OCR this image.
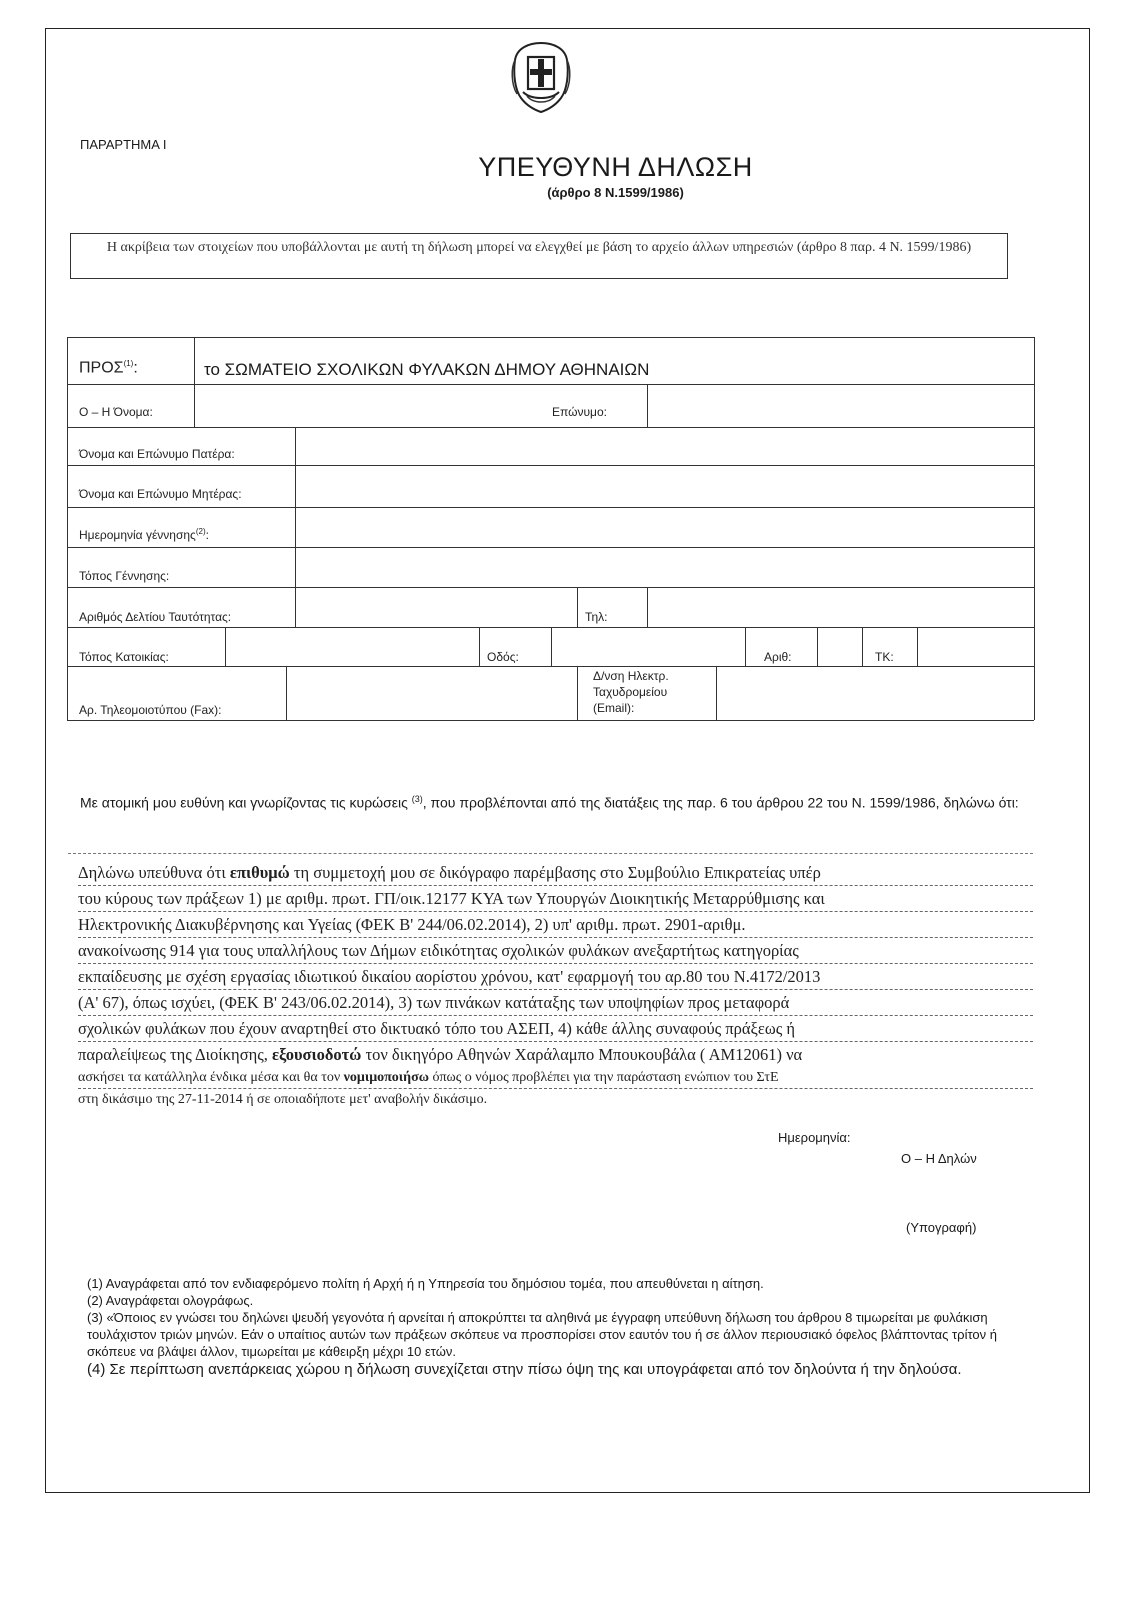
ΠΑΡΑΡΤΗΜΑ Ι
ΥΠΕΥΘΥΝΗ ΔΗΛΩΣΗ
(άρθρο 8 Ν.1599/1986)
Η ακρίβεια των στοιχείων που υποβάλλονται με αυτή τη δήλωση μπορεί να ελεγχθεί με βάση το αρχείο άλλων υπηρεσιών (άρθρο 8 παρ. 4 Ν. 1599/1986)
ΠΡΟΣ$^{(1)}$:	το ΣΩΜΑΤΕΙΟ ΣΧΟΛΙΚΩΝ ΦΥΛΑΚΩΝ ΔΗΜΟΥ ΑΘΗΝΑΙΩΝ
Ο – Η Όνομα:	Επώνυμο:
Όνομα και Επώνυμο Πατέρα:
Όνομα και Επώνυμο Μητέρας:
Ημερομηνία γέννησης$^{(2)}$:
Τόπος Γέννησης:
Αριθμός Δελτίου Ταυτότητας:	Τηλ:
Τόπος Κατοικίας:	Οδός:	Αριθ:	ΤΚ:
Αρ. Τηλεομοιοτύπου (Fax):
Δ/νση Ηλεκτρ.
Ταχυδρομείου
(Email):
Με ατομική μου ευθύνη και γνωρίζοντας τις κυρώσεις $^{(3)}$, που προβλέπονται από της διατάξεις της παρ. 6 του άρθρου 22 του Ν. 1599/1986, δηλώνω ότι:
Δηλώνω υπεύθυνα ότι επιθυμώ τη συμμετοχή μου σε δικόγραφο παρέμβασης στο Συμβούλιο Επικρατείας υπέρ
του κύρους των πράξεων 1) με αριθμ. πρωτ. ΓΠ/οικ.12177 ΚΥΑ των Υπουργών Διοικητικής Μεταρρύθμισης και
Ηλεκτρονικής Διακυβέρνησης και Υγείας (ΦΕΚ Β' 244/06.02.2014), 2) υπ' αριθμ. πρωτ. 2901-αριθμ.
ανακοίνωσης 914 για τους υπαλλήλους των Δήμων ειδικότητας σχολικών φυλάκων ανεξαρτήτως κατηγορίας
εκπαίδευσης με σχέση εργασίας ιδιωτικού δικαίου αορίστου χρόνου, κατ' εφαρμογή του αρ.80 του Ν.4172/2013
(Α' 67), όπως ισχύει, (ΦΕΚ Β' 243/06.02.2014), 3) των πινάκων κατάταξης των υποψηφίων προς μεταφορά
σχολικών φυλάκων που έχουν αναρτηθεί στο δικτυακό τόπο του ΑΣΕΠ, 4) κάθε άλλης συναφούς πράξεως ή
παραλείψεως της Διοίκησης, εξουσιοδοτώ τον δικηγόρο Αθηνών Χαράλαμπο Μπουκουβάλα ( ΑΜ12061) να
ασκήσει τα κατάλληλα ένδικα μέσα και θα τον νομιμοποιήσω όπως ο νόμος προβλέπει για την παράσταση ενώπιον του ΣτΕ
στη δικάσιμο της 27-11-2014 ή σε οποιαδήποτε μετ' αναβολήν δικάσιμο.
Ημερομηνία:
Ο – Η Δηλών
(Υπογραφή)

(1) Αναγράφεται από τον ενδιαφερόμενο πολίτη ή Αρχή ή η Υπηρεσία του δημόσιου τομέα, που απευθύνεται η αίτηση.

(2) Αναγράφεται ολογράφως.

(3) «Όποιος εν γνώσει του δηλώνει ψευδή γεγονότα ή αρνείται ή αποκρύπτει τα αληθινά με έγγραφη υπεύθυνη δήλωση του άρθρου 8 τιμωρείται με φυλάκιση τουλάχιστον τριών μηνών. Εάν ο υπαίτιος αυτών των πράξεων σκόπευε να προσπορίσει στον εαυτόν του ή σε άλλον περιουσιακό όφελος βλάπτοντας τρίτον ή σκόπευε να βλάψει άλλον, τιμωρείται με κάθειρξη μέχρι 10 ετών.

(4) Σε περίπτωση ανεπάρκειας χώρου η δήλωση συνεχίζεται στην πίσω όψη της και υπογράφεται από τον δηλούντα ή την δηλούσα.
